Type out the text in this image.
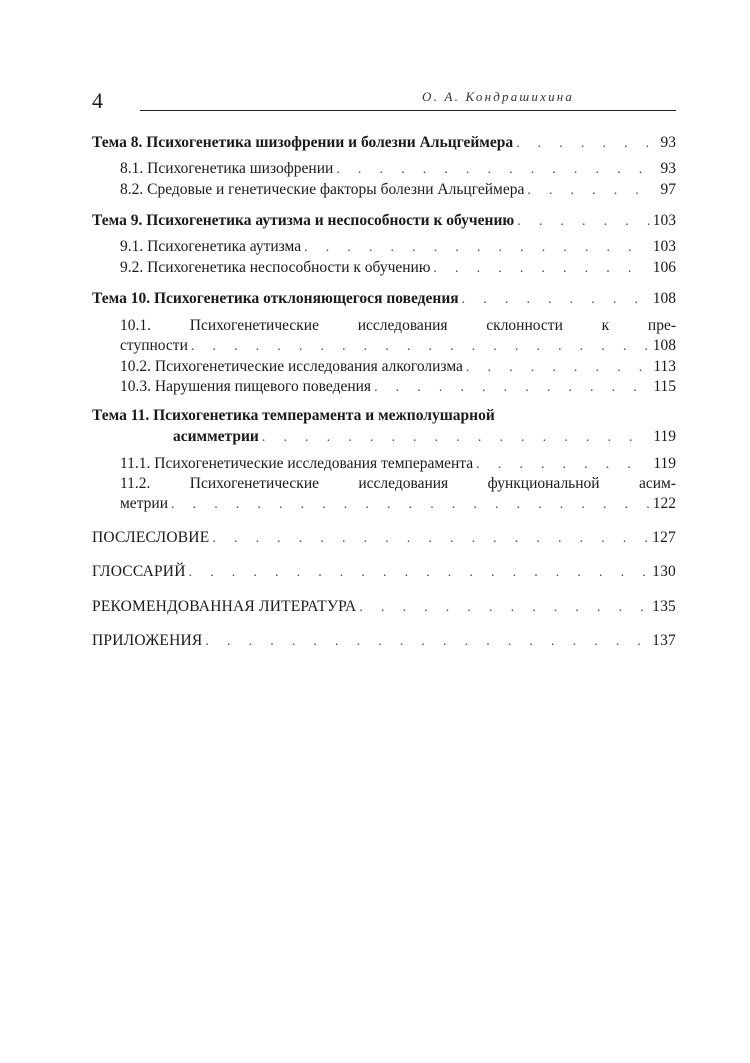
4	О. А. Кондрашихина
Тема 8. Психогенетика шизофрении и болезни Альцгеймера . . .	93
8.1. Психогенетика шизофрении . . .	93
8.2. Средовые и генетические факторы болезни Альцгеймера . . .	97
Тема 9. Психогенетика аутизма и неспособности к обучению . . .	103
9.1. Психогенетика аутизма . . .	103
9.2. Психогенетика неспособности к обучению . . .	106
Тема 10. Психогенетика отклоняющегося поведения . . .	108
10.1. Психогенетические исследования склонности к пре-
ступности . . .	108
10.2. Психогенетические исследования алкоголизма . . .	113
10.3. Нарушения пищевого поведения . . .	115
Тема 11. Психогенетика темперамента и межполушарной
асимметрии . . .	119
11.1. Психогенетические исследования темперамента . . .	119
11.2. Психогенетические исследования функциональной асим-
метрии . . .	122
ПОСЛЕСЛОВИЕ . . .	127
ГЛОССАРИЙ . . .	130
РЕКОМЕНДОВАННАЯ ЛИТЕРАТУРА . . .	135
ПРИЛОЖЕНИЯ . . .	137
